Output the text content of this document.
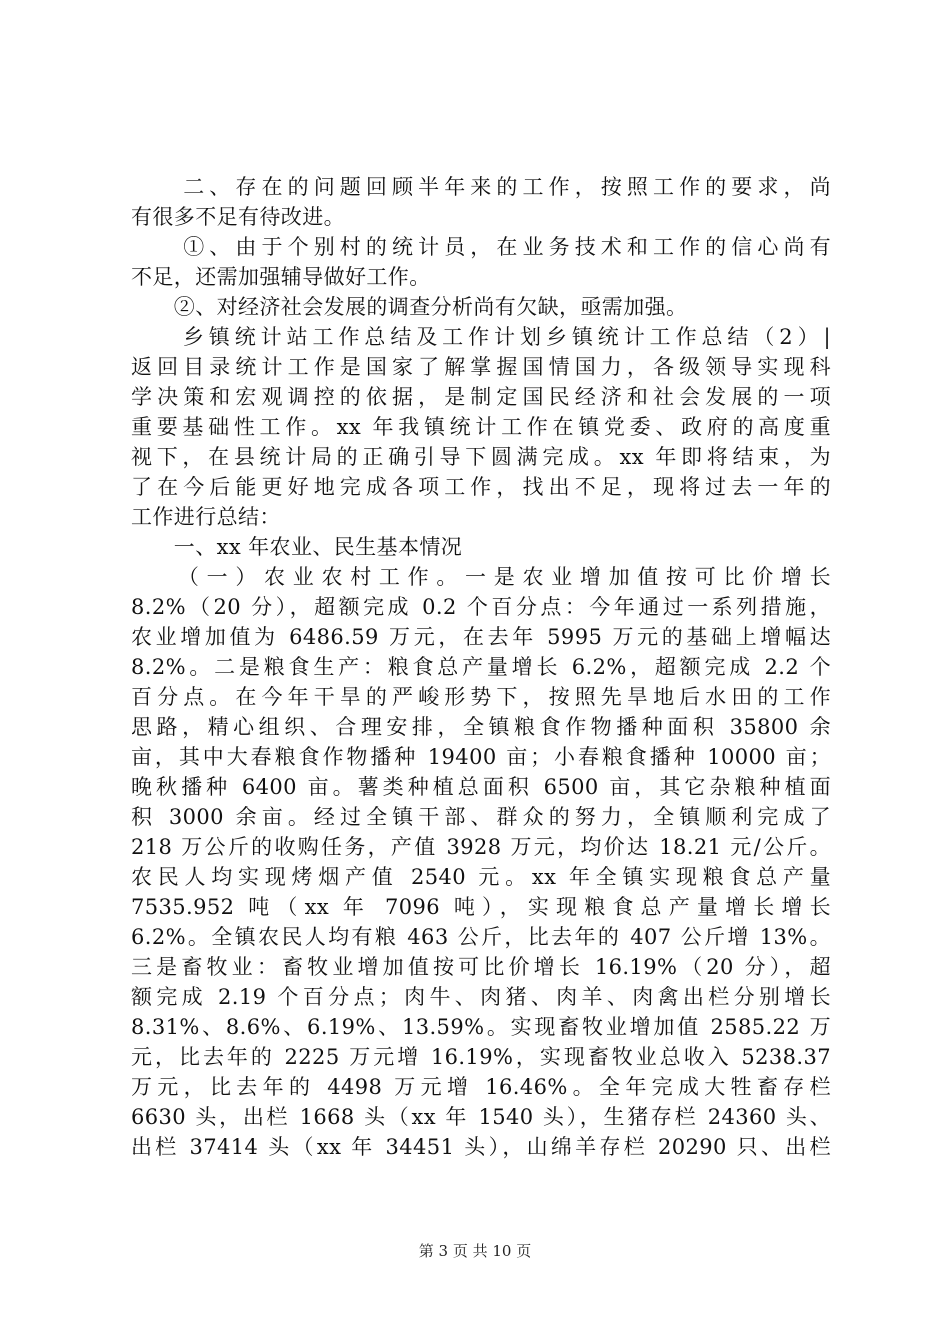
　　二、存在的问题回顾半年来的工作，按照工作的要求，尚
有很多不足有待改进。
　　①、由于个别村的统计员，在业务技术和工作的信心尚有
不足，还需加强辅导做好工作。
　　②、对经济社会发展的调查分析尚有欠缺，亟需加强。
　　乡镇统计站工作总结及工作计划乡镇统计工作总结（2）|
返回目录统计工作是国家了解掌握国情国力，各级领导实现科
学决策和宏观调控的依据，是制定国民经济和社会发展的一项
重要基础性工作。xx 年我镇统计工作在镇党委、政府的高度重
视下，在县统计局的正确引导下圆满完成。xx 年即将结束，为
了在今后能更好地完成各项工作，找出不足，现将过去一年的
工作进行总结：
　　一、xx 年农业、民生基本情况
　　（一）农业农村工作。一是农业增加值按可比价增长
8.2%（20 分），超额完成 0.2 个百分点：今年通过一系列措施，
农业增加值为 6486.59 万元，在去年 5995 万元的基础上增幅达
8.2%。二是粮食生产：粮食总产量增长 6.2%，超额完成 2.2 个
百分点。在今年干旱的严峻形势下，按照先旱地后水田的工作
思路，精心组织、合理安排，全镇粮食作物播种面积 35800 余
亩，其中大春粮食作物播种 19400 亩；小春粮食播种 10000 亩；
晚秋播种 6400 亩。薯类种植总面积 6500 亩，其它杂粮种植面
积 3000 余亩。经过全镇干部、群众的努力，全镇顺利完成了
218 万公斤的收购任务，产值 3928 万元，均价达 18.21 元/公斤。
农民人均实现烤烟产值 2540 元。xx 年全镇实现粮食总产量
7535.952 吨（xx 年 7096 吨），实现粮食总产量增长增长
6.2%。全镇农民人均有粮 463 公斤，比去年的 407 公斤增 13%。
三是畜牧业：畜牧业增加值按可比价增长 16.19%（20 分），超
额完成 2.19 个百分点；肉牛、肉猪、肉羊、肉禽出栏分别增长
8.31%、8.6%、6.19%、13.59%。实现畜牧业增加值 2585.22 万
元，比去年的 2225 万元增 16.19%，实现畜牧业总收入 5238.37
万元，比去年的 4498 万元增 16.46%。全年完成大牲畜存栏
6630 头，出栏 1668 头（xx 年 1540 头），生猪存栏 24360 头、
出栏 37414 头（xx 年 34451 头），山绵羊存栏 20290 只、出栏
第 3 页 共 10 页
